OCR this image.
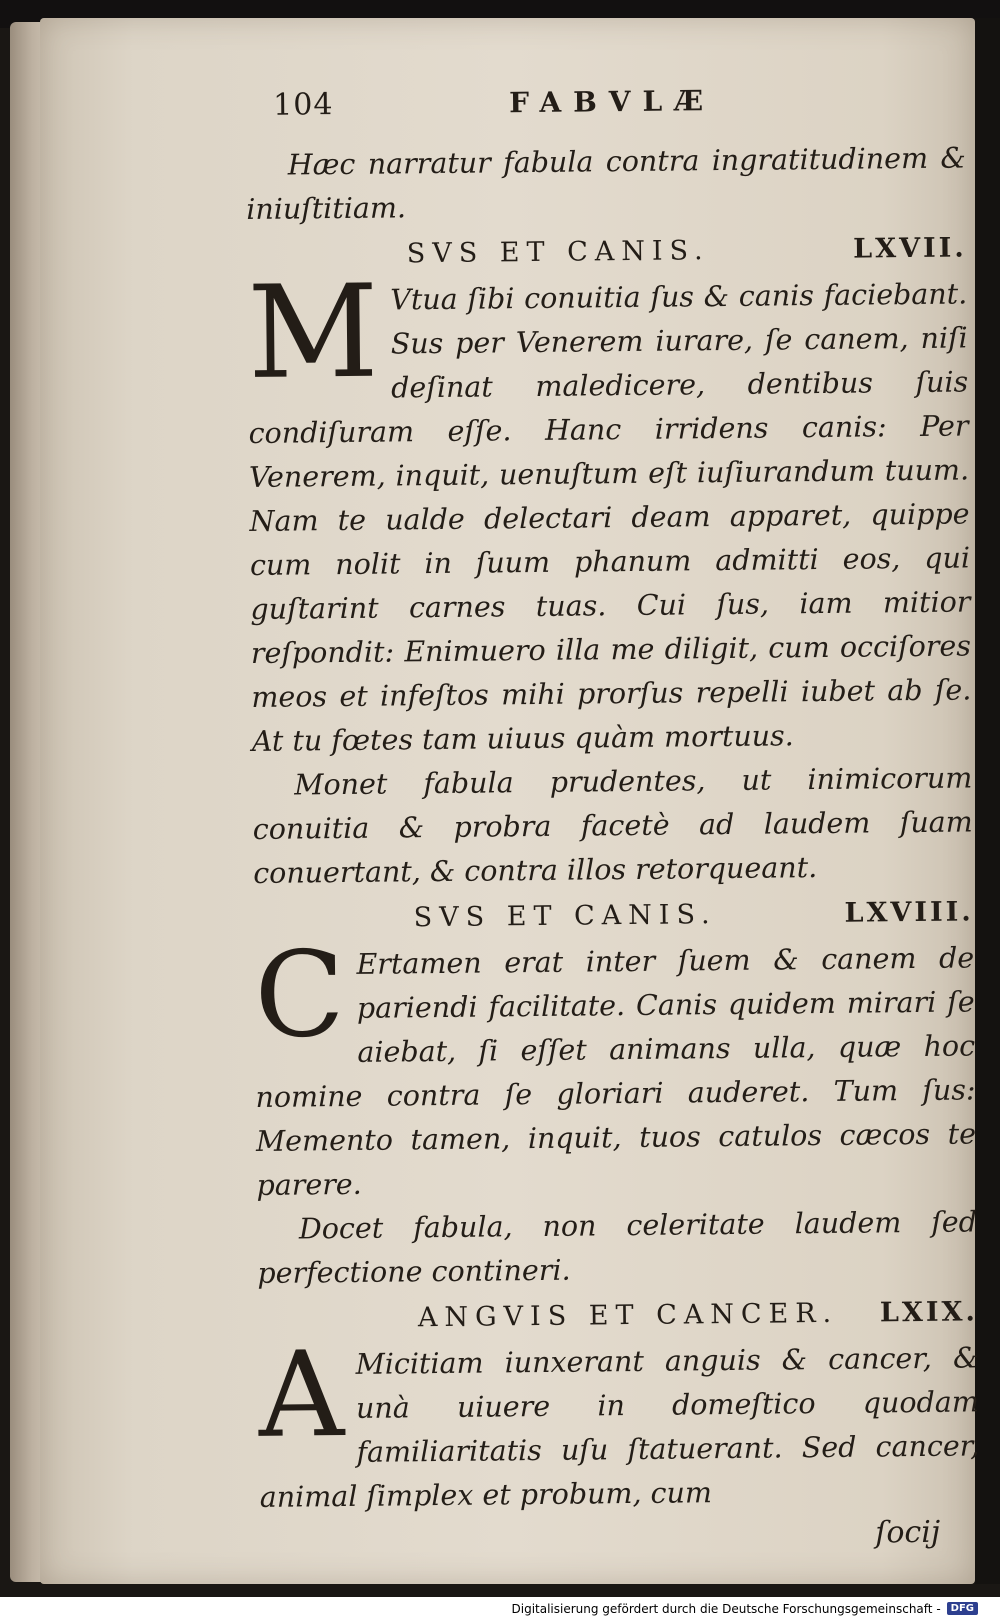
104	FABVLÆ

Hæc narratur fabula contra ingratitudinem & iniuſtitiam.

SVS ET CANIS.	LXVII.

M Vtua ſibi conuitia ſus & canis faciebant. Sus per Venerem iurare, ſe canem, niſi deſinat maledicere, dentibus ſuis condiſuram eſſe. Hanc irridens canis: Per Venerem, inquit, uenuſtum eſt iuſiurandum tuum. Nam te ualde delectari deam apparet, quippe cum nolit in ſuum phanum admitti eos, qui guſtarint carnes tuas. Cui ſus, iam mitior reſpondit: Enimuero illa me diligit, cum occiſores meos et infeſtos mihi prorſus repelli iubet ab ſe. At tu fœtes tam uiuus quàm mortuus.

Monet fabula prudentes, ut inimicorum conuitia & probra facetè ad laudem ſuam conuertant, & contra illos retorqueant.

SVS ET CANIS.	LXVIII.

C Ertamen erat inter ſuem & canem de pariendi facilitate. Canis quidem mirari ſe aiebat, ſi eſſet animans ulla, quæ hoc nomine contra ſe gloriari auderet. Tum ſus: Memento tamen, inquit, tuos catulos cæcos te parere.

Docet fabula, non celeritate laudem ſed perfectione contineri.

ANGVIS ET CANCER. LXIX.

A Micitiam iunxerant anguis & cancer, & unà uiuere in domeſtico quodam familiaritatis uſu ſtatuerant. Sed cancer, animal ſimplex et probum, cum

ſocij
Digitalisierung gefördert durch die Deutsche Forschungsgemeinschaft -	DFG
